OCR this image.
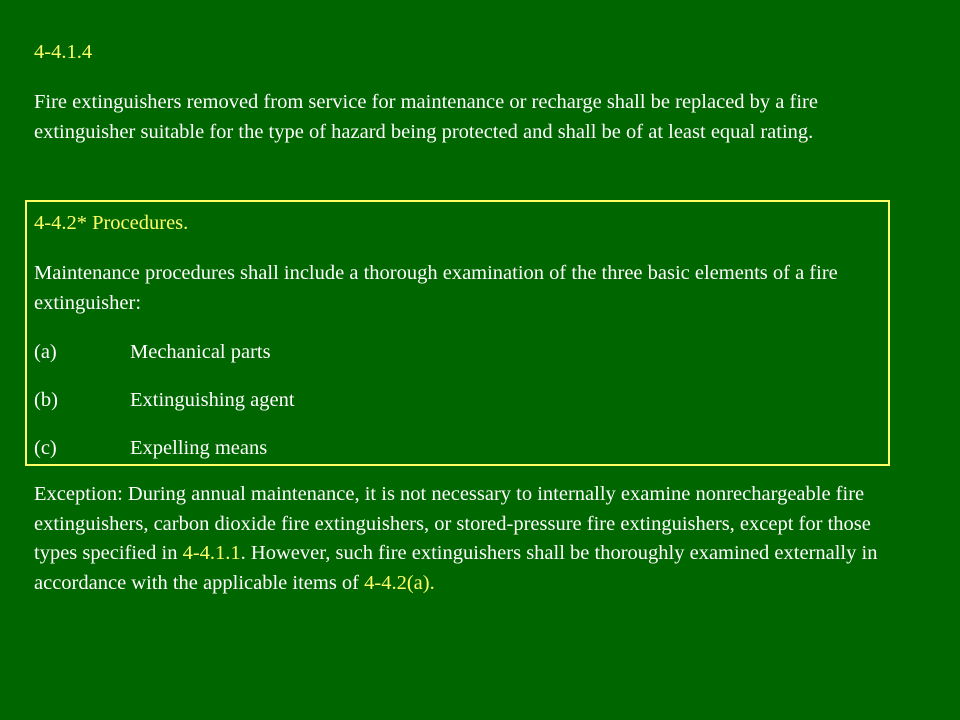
4-4.1.4

Fire extinguishers removed from service for maintenance or recharge shall be replaced by a fire extinguisher suitable for the type of hazard being protected and shall be of at least equal rating.

4-4.2* Procedures.

Maintenance procedures shall include a thorough examination of the three basic elements of a fire extinguisher:

(a)	Mechanical parts
(b)	Extinguishing agent
(c)	Expelling means

Exception: During annual maintenance, it is not necessary to internally examine nonrechargeable fire extinguishers, carbon dioxide fire extinguishers, or stored-pressure fire extinguishers, except for those types specified in 4-4.1.1. However, such fire extinguishers shall be thoroughly examined externally in accordance with the applicable items of 4-4.2(a).
